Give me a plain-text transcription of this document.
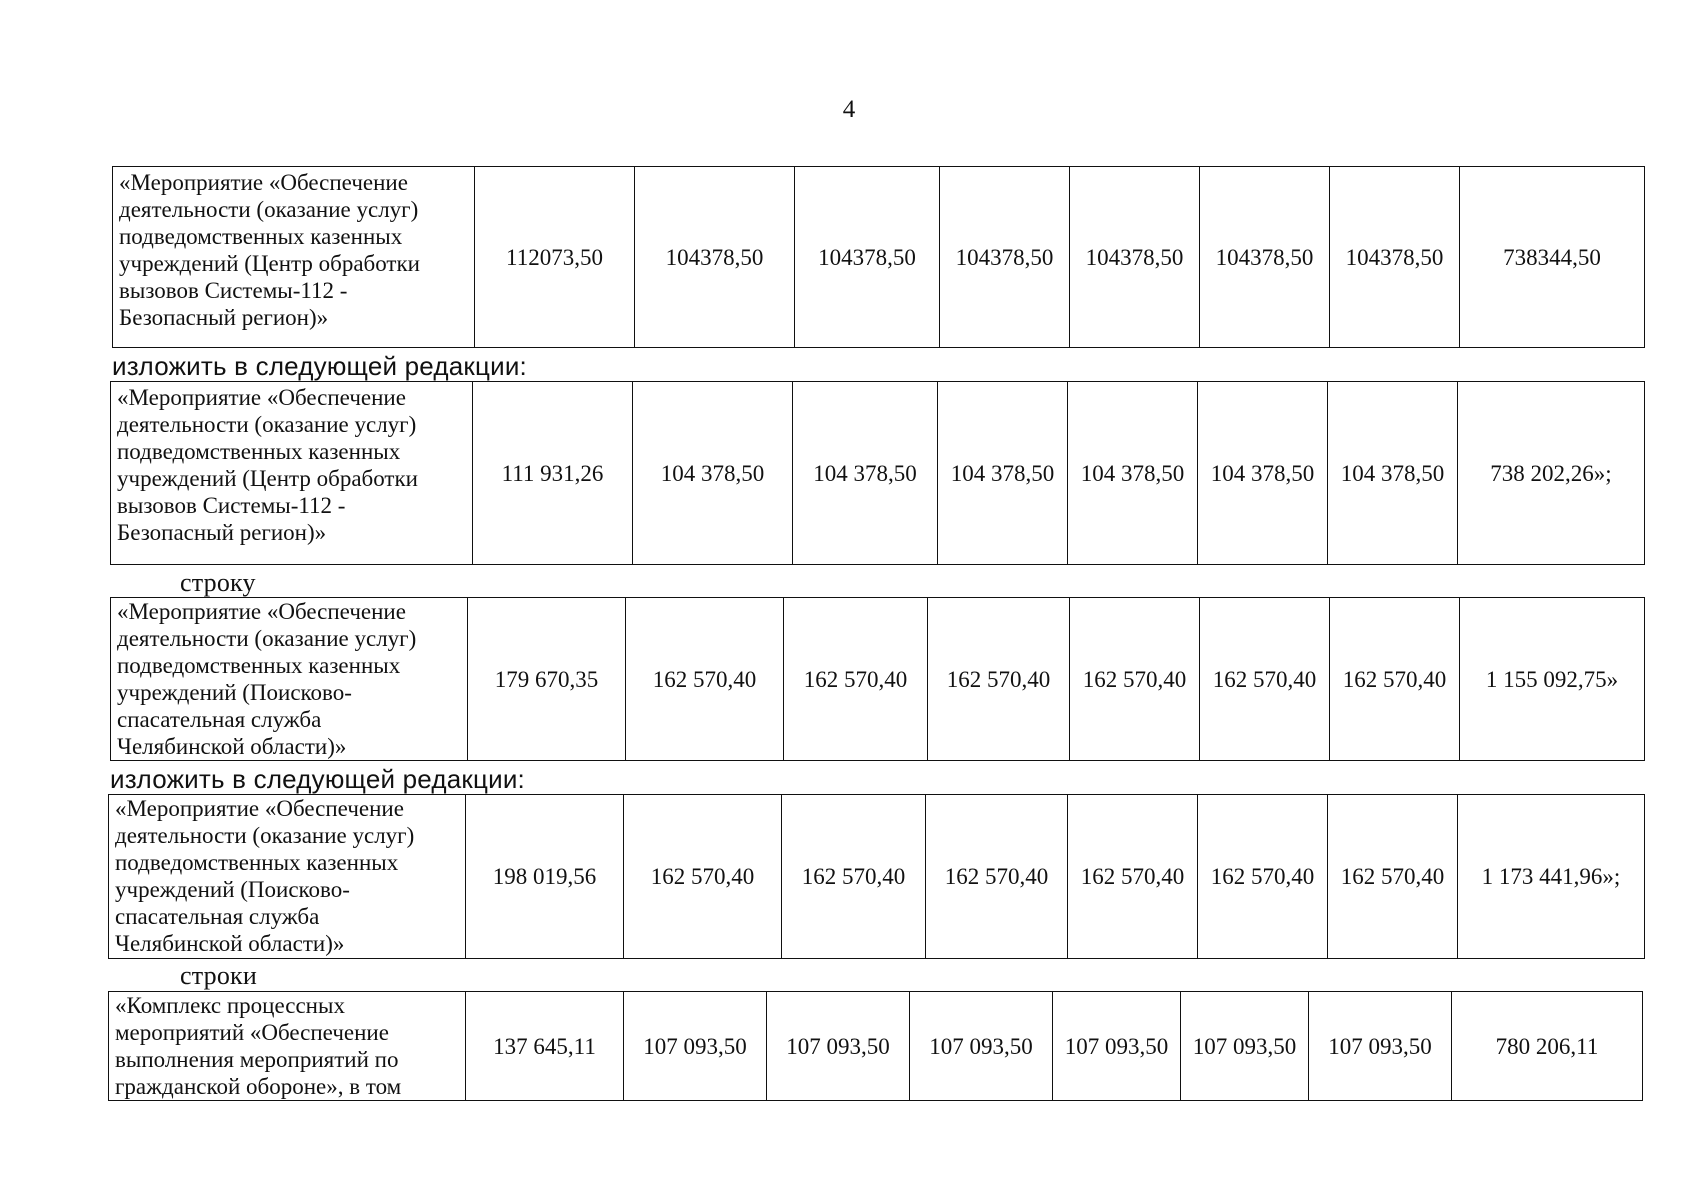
4
«Мероприятие «Обеспечение
деятельности (оказание услуг)
подведомственных казенных
учреждений (Центр обработки
вызовов Системы-112 -
Безопасный регион)»
	112073,50	104378,50	104378,50	104378,50	104378,50	104378,50	104378,50	738344,50
изложить в следующей редакции:
«Мероприятие «Обеспечение
деятельности (оказание услуг)
подведомственных казенных
учреждений (Центр обработки
вызовов Системы-112 -
Безопасный регион)»
	111 931,26	104 378,50	104 378,50	104 378,50	104 378,50	104 378,50	104 378,50	738 202,26»;
строку
«Мероприятие «Обеспечение
деятельности (оказание услуг)
подведомственных казенных
учреждений (Поисково-
спасательная служба
Челябинской области)»
	179 670,35	162 570,40	162 570,40	162 570,40	162 570,40	162 570,40	162 570,40	1 155 092,75»
изложить в следующей редакции:
«Мероприятие «Обеспечение
деятельности (оказание услуг)
подведомственных казенных
учреждений (Поисково-
спасательная служба
Челябинской области)»
	198 019,56	162 570,40	162 570,40	162 570,40	162 570,40	162 570,40	162 570,40	1 173 441,96»;
строки
«Комплекс процессных
мероприятий «Обеспечение
выполнения мероприятий по
гражданской обороне», в том
	137 645,11	107 093,50	107 093,50	107 093,50	107 093,50	107 093,50	107 093,50	780 206,11
